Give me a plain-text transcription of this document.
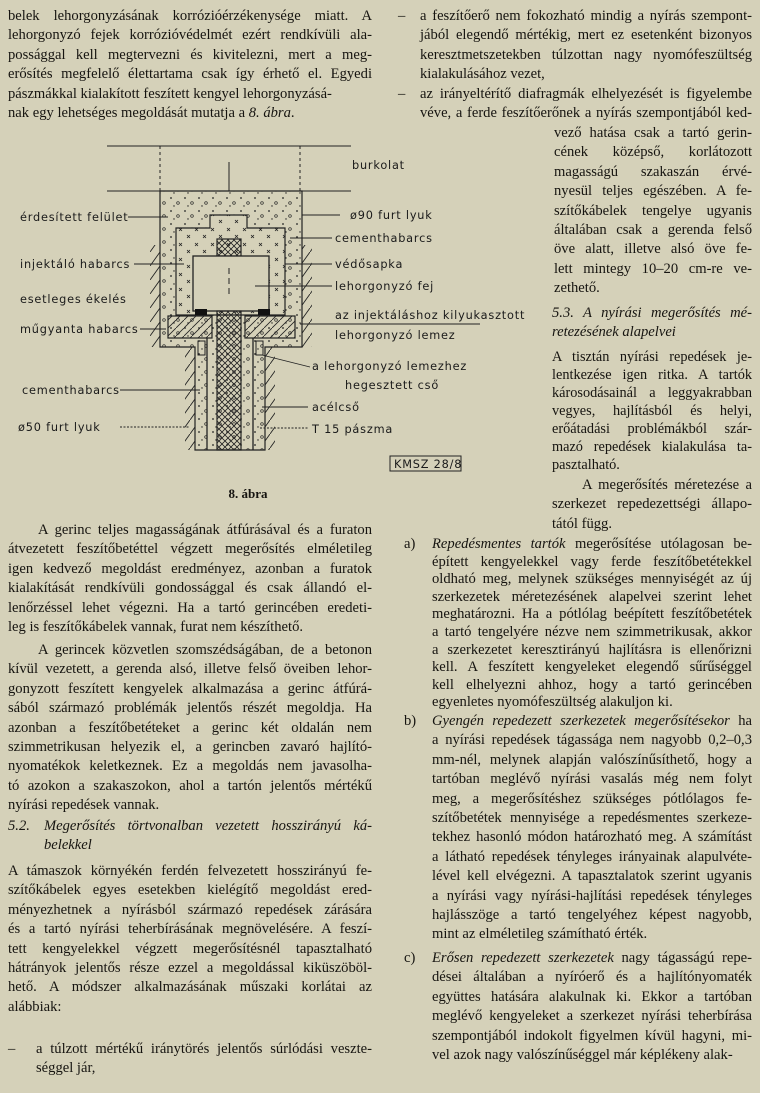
belek lehorgonyzásának korrózióérzékenysége miatt. A
lehorgonyzó fejek korrózióvédelmét ezért rendkívüli ala-
possággal kell megtervezni és kivitelezni, mert a meg-
erősítés megfelelő élettartama csak így érhető el. Egyedi
pászmákkal kialakított feszített kengyel lehorgonyzásá-
nak egy lehetséges megoldását mutatja a 8. ábra.
burkolat
érdesített felület	ø90 furt lyuk
cementhabarcs
injektáló habarcs	védősapka
lehorgonyzó fej
esetleges ékelés
műgyanta habarcs
az injektáláshoz kilyukasztott
lehorgonyzó lemez
a lehorgonyzó lemezhez
hegesztett cső
cementhabarcs
acélcső
ø50 furt lyuk	T 15 pászma
KMSZ 28/8
8. ábra
A gerinc teljes magasságának átfúrásával és a furaton
átvezetett feszítőbetéttel végzett megerősítés elméletileg
igen kedvező megoldást eredményez, azonban a furatok
kialakítását rendkívüli gondossággal és csak állandó el-
lenőrzéssel lehet végezni. Ha a tartó gerincében eredeti-
leg is feszítőkábelek vannak, furat nem készíthető.
A gerincek közvetlen szomszédságában, de a betonon
kívül vezetett, a gerenda alsó, illetve felső öveiben lehor-
gonyzott feszített kengyelek alkalmazása a gerinc átfúrá-
sából származó problémák jelentős részét megoldja. Ha
azonban a feszítőbetéteket a gerinc két oldalán nem
szimmetrikusan helyezik el, a gerincben zavaró hajlító-
nyomatékok keletkeznek. Ez a megoldás nem javasolha-
tó azokon a szakaszokon, ahol a tartón jelentős mértékű
nyírási repedések vannak.
5.2. Megerősítés törtvonalban vezetett hosszirányú ká-
belekkel
A támaszok környékén ferdén felvezetett hosszirányú fe-
szítőkábelek egyes esetekben kielégítő megoldást ered-
ményezhetnek a nyírásból származó repedések zárására
és a tartó nyírási teherbírásának megnövelésére. A feszí-
tett kengyelekkel végzett megerősítésnél tapasztalható
hátrányok jelentős része ezzel a megoldással kiküszöböl-
hető. A módszer alkalmazásának műszaki korlátai az
alábbiak:
– a túlzott mértékű iránytörés jelentős súrlódási veszte-
séggel jár,
– a feszítőerő nem fokozható mindig a nyírás szempont-
jából elegendő mértékig, mert ez esetenként bizonyos
keresztmetszetekben túlzottan nagy nyomófeszültség
kialakulásához vezet,
– az irányeltérítő diafragmák elhelyezését is figyelembe
véve, a ferde feszítőerőnek a nyírás szempontjából ked-
vező hatása csak a tartó gerin-
cének középső, korlátozott
magasságú szakaszán érvé-
nyesül teljes egészében. A fe-
szítőkábelek tengelye ugyanis
általában csak a gerenda felső
öve alatt, illetve alsó öve fe-
lett mintegy 10–20 cm-re ve-
zethető.
5.3. A nyírási megerősítés mé-
retezésének alapelvei
A tisztán nyírási repedések je-
lentkezése igen ritka. A tartók
károsodásainál a leggyakrabban
vegyes, hajlításból és helyi,
erőátadási problémákból szár-
mazó repedések kialakulása ta-
pasztalható.
A megerősítés méretezése a
szerkezet repedezettségi állapo-
tától függ.
a) Repedésmentes tartók megerősítése utólagosan be-
épített kengyelekkel vagy ferde feszítőbetétekkel
oldható meg, melynek szükséges mennyiségét az új
szerkezetek méretezésének alapelvei szerint lehet
meghatározni. Ha a pótlólag beépített feszítőbetétek
a tartó tengelyére nézve nem szimmetrikusak, akkor
a szerkezetet keresztirányú hajlításra is ellenőrizni
kell. A feszített kengyeleket elegendő sűrűséggel
kell elhelyezni ahhoz, hogy a tartó gerincében
egyenletes nyomófeszültség alakuljon ki.
b) Gyengén repedezett szerkezetek megerősítésekor ha
a nyírási repedések tágassága nem nagyobb 0,2–0,3
mm-nél, melynek alapján valószínűsíthető, hogy a
tartóban meglévő nyírási vasalás még nem folyt
meg, a megerősítéshez szükséges pótlólagos fe-
szítőbetétek mennyisége a repedésmentes szerkeze-
tekhez hasonló módon határozható meg. A számítást
a látható repedések tényleges irányainak alapulvéte-
lével kell elvégezni. A tapasztalatok szerint ugyanis
a nyírási vagy nyírási-hajlítási repedések tényleges
hajlásszöge a tartó tengelyéhez képest nagyobb,
mint az elméletileg számítható érték.
c) Erősen repedezett szerkezetek nagy tágasságú repe-
dései általában a nyíróerő és a hajlítónyomaték
együttes hatására alakulnak ki. Ekkor a tartóban
meglévő kengyeleket a szerkezet nyírási teherbírása
szempontjából indokolt figyelmen kívül hagyni, mi-
vel azok nagy valószínűséggel már képlékeny alak-
